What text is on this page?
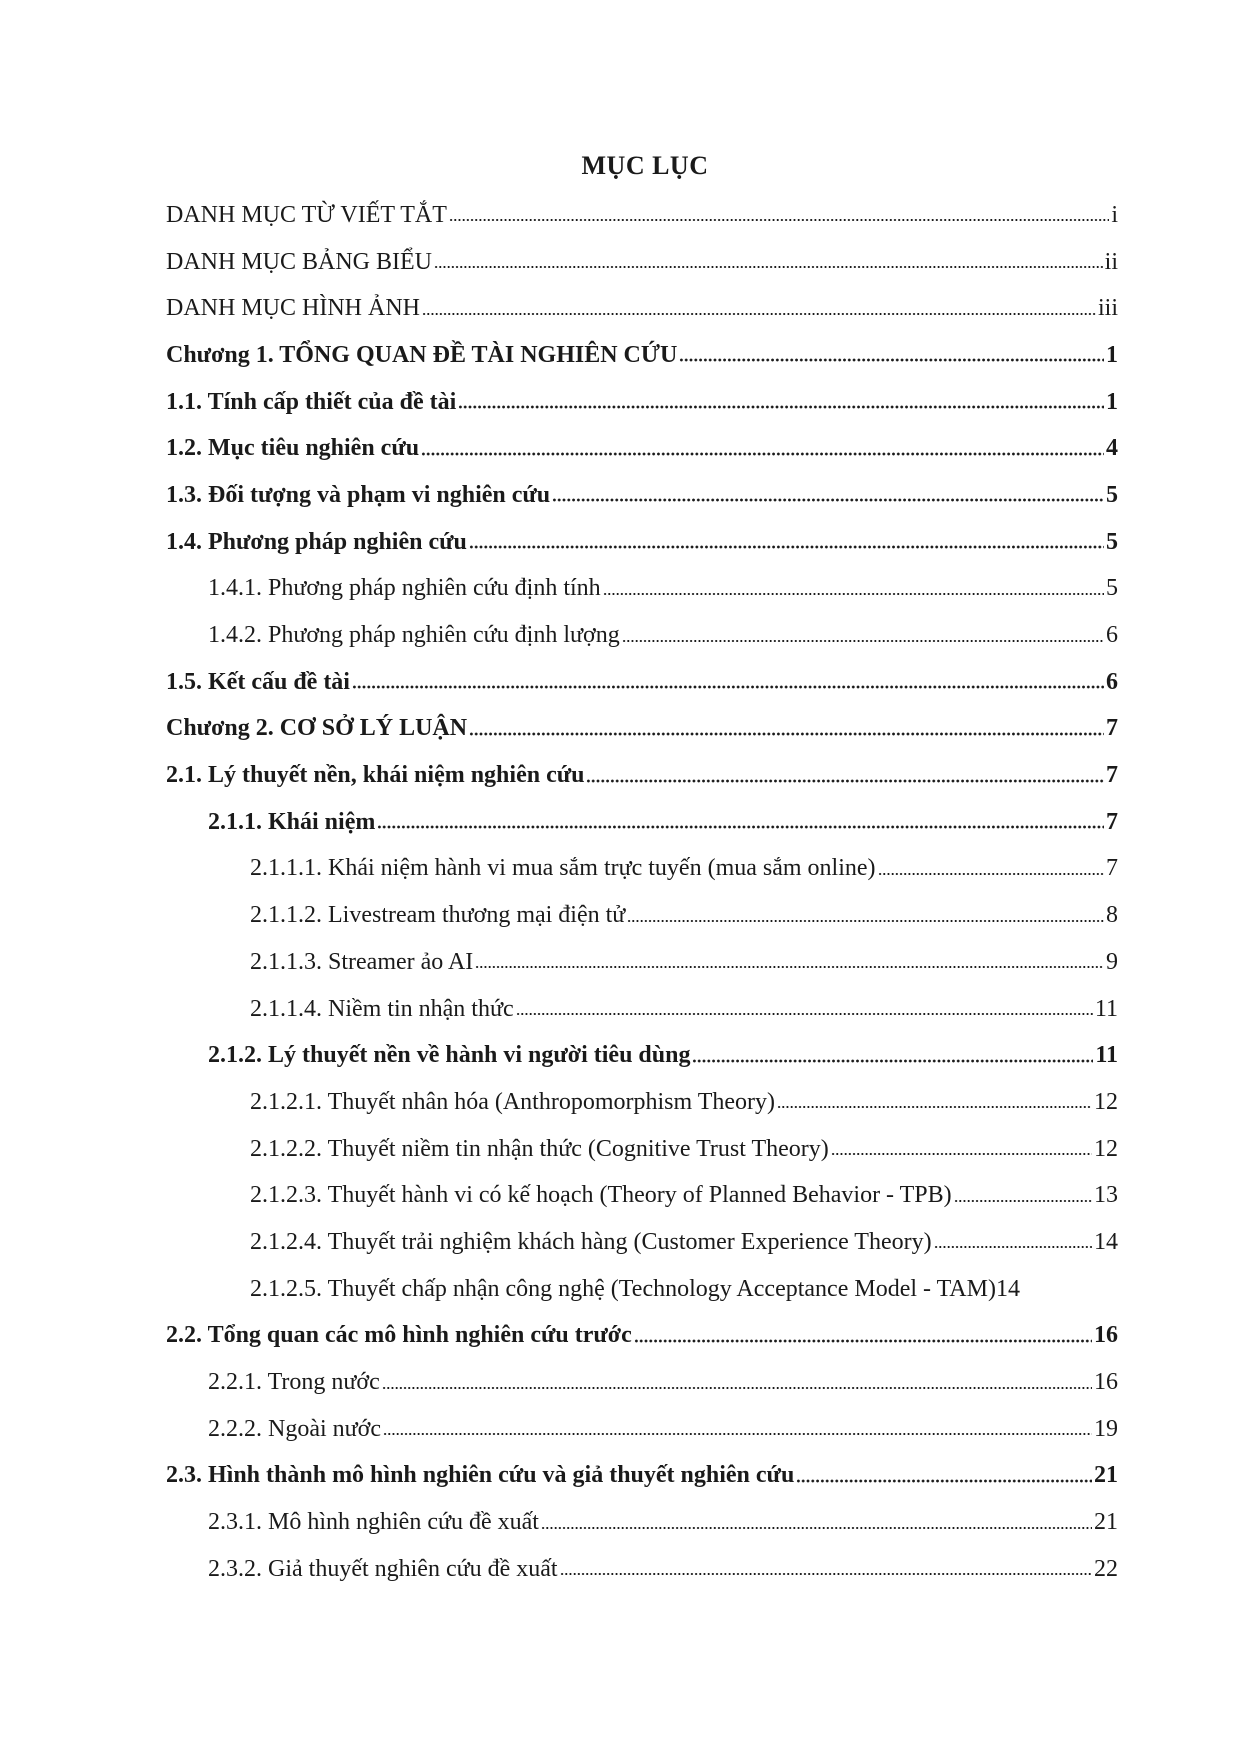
MỤC LỤC
DANH MỤC TỪ VIẾT TẮT	i
DANH MỤC BẢNG BIỂU	ii
DANH MỤC HÌNH ẢNH	iii
Chương 1. TỔNG QUAN ĐỀ TÀI NGHIÊN CỨU	1
1.1. Tính cấp thiết của đề tài	1
1.2. Mục tiêu nghiên cứu	4
1.3. Đối tượng và phạm vi nghiên cứu	5
1.4. Phương pháp nghiên cứu	5
1.4.1. Phương pháp nghiên cứu định tính	5
1.4.2. Phương pháp nghiên cứu định lượng	6
1.5. Kết cấu đề tài	6
Chương 2. CƠ SỞ LÝ LUẬN	7
2.1. Lý thuyết nền, khái niệm nghiên cứu	7
2.1.1. Khái niệm	7
2.1.1.1. Khái niệm hành vi mua sắm trực tuyến (mua sắm online)	7
2.1.1.2. Livestream thương mại điện tử	8
2.1.1.3. Streamer ảo AI	9
2.1.1.4. Niềm tin nhận thức	11
2.1.2. Lý thuyết nền về hành vi người tiêu dùng	11
2.1.2.1. Thuyết nhân hóa (Anthropomorphism Theory)	12
2.1.2.2. Thuyết niềm tin nhận thức (Cognitive Trust Theory)	12
2.1.2.3. Thuyết hành vi có kế hoạch (Theory of Planned Behavior - TPB)	13
2.1.2.4. Thuyết trải nghiệm khách hàng (Customer Experience Theory)	14
2.1.2.5. Thuyết chấp nhận công nghệ (Technology Acceptance Model - TAM) 14
2.2. Tổng quan các mô hình nghiên cứu trước	16
2.2.1. Trong nước	16
2.2.2. Ngoài nước	19
2.3. Hình thành mô hình nghiên cứu và giả thuyết nghiên cứu	21
2.3.1. Mô hình nghiên cứu đề xuất	21
2.3.2. Giả thuyết nghiên cứu đề xuất	22
